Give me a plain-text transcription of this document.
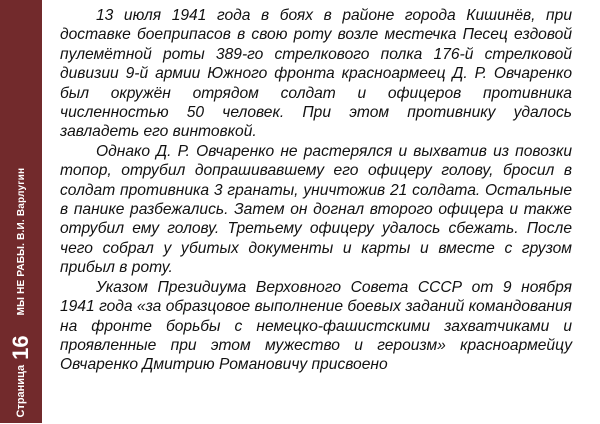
Страница
16
МЫ НЕ РАБЫ. В.И. Варлугин

13 июля 1941 года в боях в районе города Кишинёв, при доставке боеприпасов в свою роту возле местечка Песец ездовой пулемётной роты 389-го стрелкового полка 176-й стрелковой дивизии 9-й армии Южного фронта красноармеец Д. Р. Овчаренко был окружён отрядом солдат и офицеров противника численностью 50 человек. При этом противнику удалось завладеть его винтовкой.

Однако Д. Р. Овчаренко не растерялся и выхватив из повозки топор, отрубил допрашивавшему его офицеру голову, бросил в солдат противника 3 гранаты, уничтожив 21 солдата. Остальные в панике разбежались. Затем он догнал второго офицера и также отрубил ему голову. Третьему офицеру удалось сбежать. После чего собрал у убитых документы и карты и вместе с грузом прибыл в роту.

Указом Президиума Верховного Совета СССР от 9 ноября 1941 года «за образцовое выполнение боевых заданий командования на фронте борьбы с немецко-фашистскими захватчиками и проявленные при этом мужество и героизм» красноармейцу Овчаренко Дмитрию Романовичу присвоено
